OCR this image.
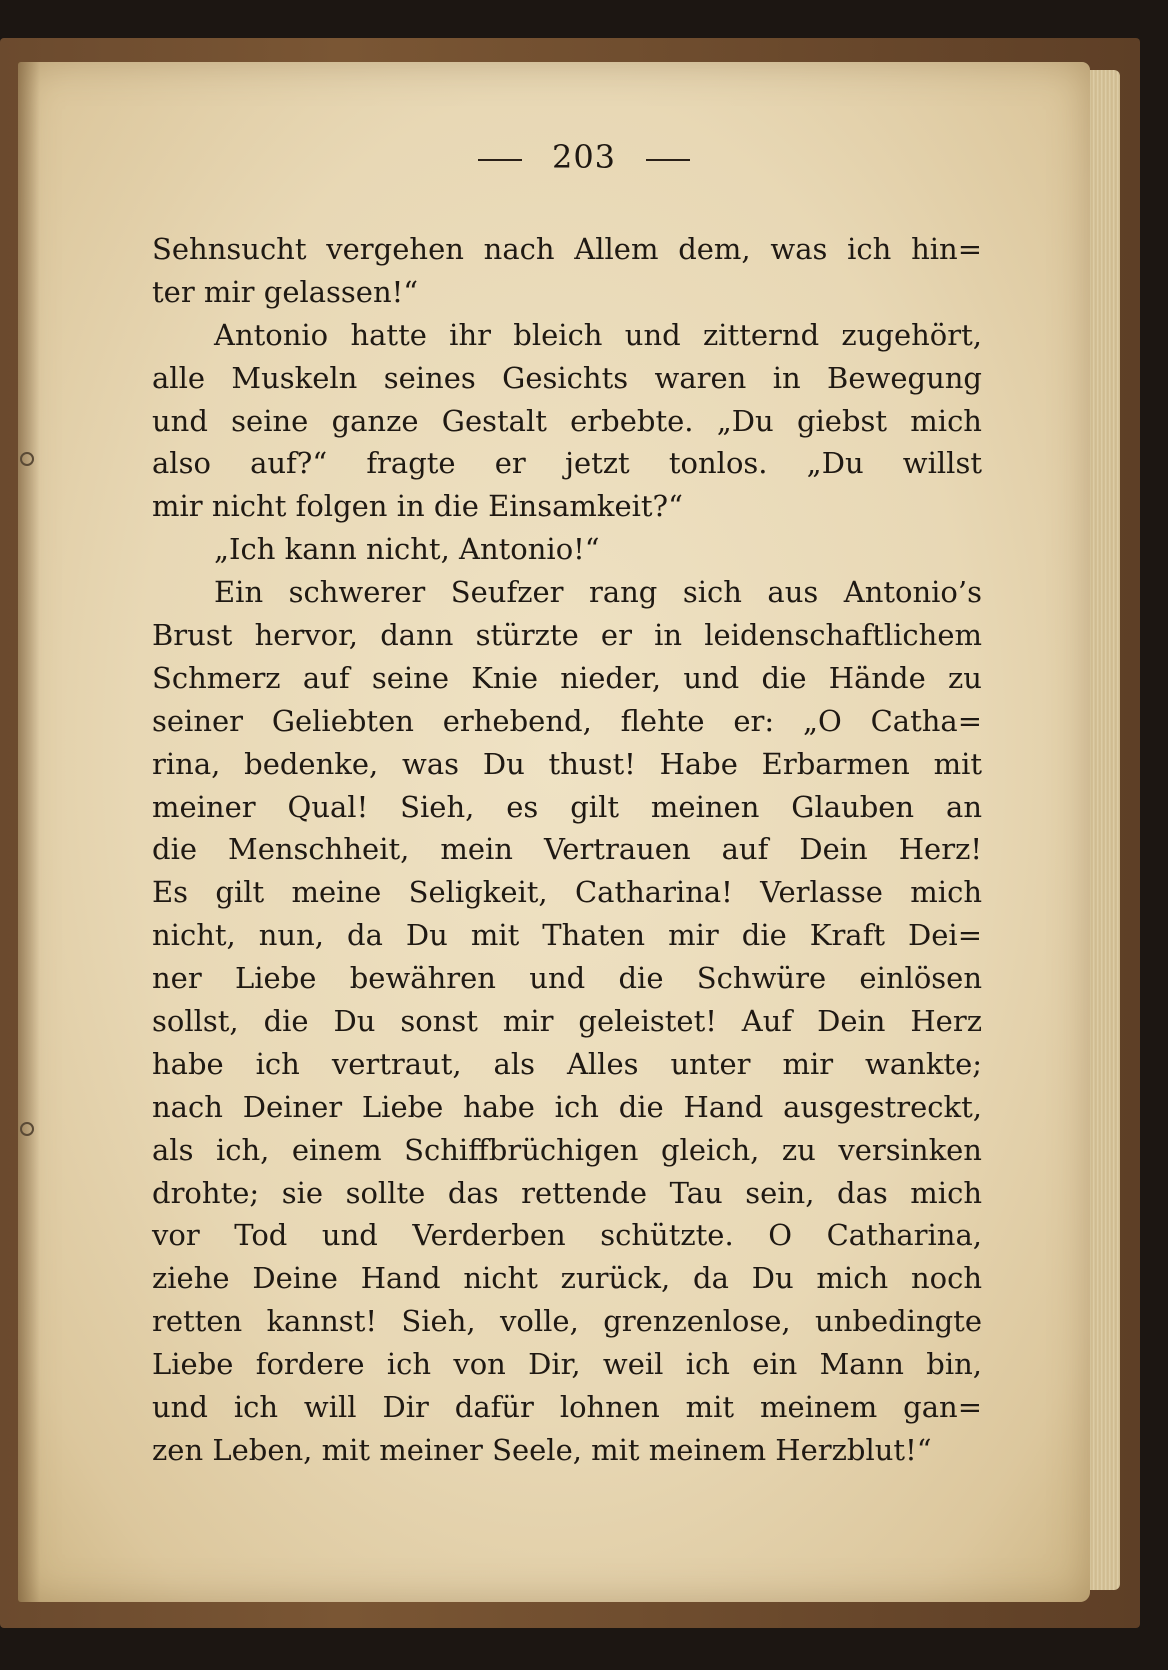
203
Sehnsucht vergehen nach Allem dem, was ich hin=
ter mir gelassen!“
Antonio hatte ihr bleich und zitternd zugehört,
alle Muskeln seines Gesichts waren in Bewegung
und seine ganze Gestalt erbebte. „Du giebst mich
also auf?“ fragte er jetzt tonlos. „Du willst
mir nicht folgen in die Einsamkeit?“
„Ich kann nicht, Antonio!“
Ein schwerer Seufzer rang sich aus Antonio’s
Brust hervor, dann stürzte er in leidenschaftlichem
Schmerz auf seine Knie nieder, und die Hände zu
seiner Geliebten erhebend, flehte er: „O Catha=
rina, bedenke, was Du thust! Habe Erbarmen mit
meiner Qual! Sieh, es gilt meinen Glauben an
die Menschheit, mein Vertrauen auf Dein Herz!
Es gilt meine Seligkeit, Catharina! Verlasse mich
nicht, nun, da Du mit Thaten mir die Kraft Dei=
ner Liebe bewähren und die Schwüre einlösen
sollst, die Du sonst mir geleistet! Auf Dein Herz
habe ich vertraut, als Alles unter mir wankte;
nach Deiner Liebe habe ich die Hand ausgestreckt,
als ich, einem Schiffbrüchigen gleich, zu versinken
drohte; sie sollte das rettende Tau sein, das mich
vor Tod und Verderben schützte. O Catharina,
ziehe Deine Hand nicht zurück, da Du mich noch
retten kannst! Sieh, volle, grenzenlose, unbedingte
Liebe fordere ich von Dir, weil ich ein Mann bin,
und ich will Dir dafür lohnen mit meinem gan=
zen Leben, mit meiner Seele, mit meinem Herzblut!“
